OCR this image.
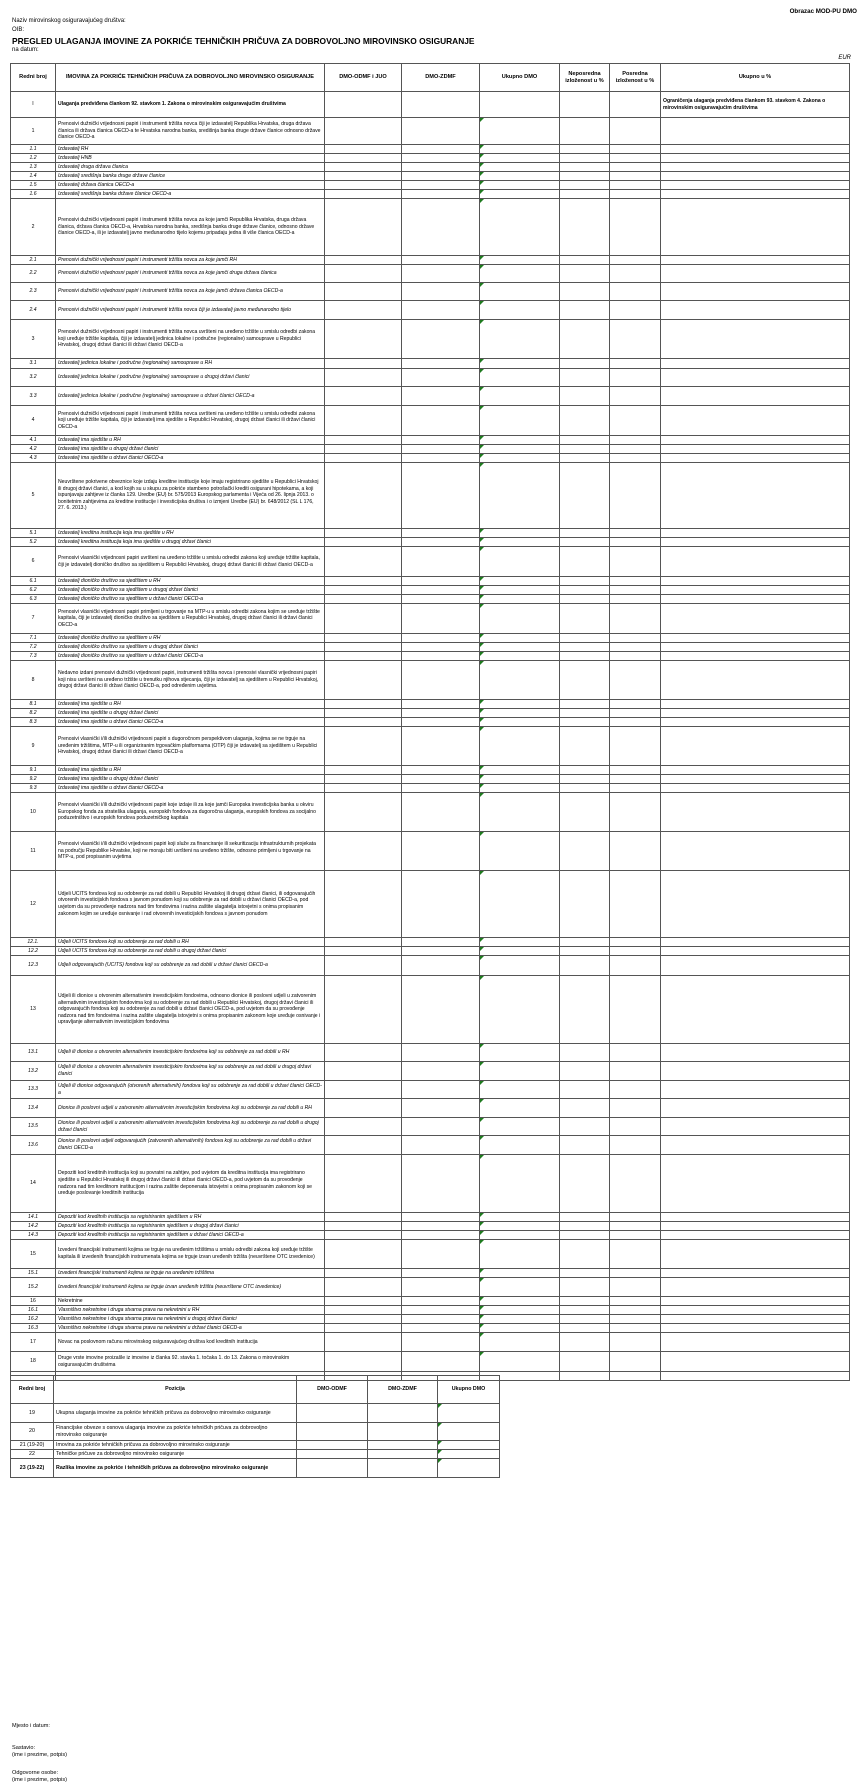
Obrazac MOD-PU DMO
Naziv mirovinskog osiguravajućeg društva:
OIB:
PREGLED ULAGANJA IMOVINE ZA POKRIĆE TEHNIČKIH PRIČUVA ZA DOBROVOLJNO MIROVINSKO OSIGURANJE
na datum:
EUR
Redni broj	IMOVINA ZA POKRIĆE TEHNIČKIH PRIČUVA ZA DOBROVOLJNO MIROVINSKO OSIGURANJE	DMO-ODMF i JUO	DMO-ZDMF	Ukupno DMO	Neposredna izloženost u %	Posredna izloženost u %	Ukupno u %
I	Ulaganja predviđena člankom 92. stavkom 1. Zakona o mirovinskim osiguravajućim društvima						Ograničenja ulaganja predviđena člankom 93. stavkom 4. Zakona o mirovinskim osiguravajućim društvima
1	Prenosivi dužnički vrijednosni papiri i instrumenti tržišta novca čiji je izdavatelj Republika Hrvatska, druga država članica ili država članica OECD-a te Hrvatska narodna banka, središnja banka druge države članice odnosno države članice OECD-a						
1.1	Izdavatelj RH						
1.2	Izdavatelj HNB						
1.3	Izdavatelj druga država članica						
1.4	Izdavatelj središnja banka druge države članice						
1.5	Izdavatelj država članica OECD-a						
1.6	Izdavatelj središnja banka države članice OECD-a						
2	Prenosivi dužnički vrijednosni papiri i instrumenti tržišta novca za koje jamči Republika Hrvatska, druga država članica, država članica OECD-a, Hrvatska narodna banka, središnja banka druge države članice, odnosno države članice OECD-a, ili je izdavatelj javno međunarodno tijelo kojemu pripadaju jedna ili više članica OECD-a						
2.1	Prenosivi dužnički vrijednosni papiri i instrumenti tržišta novca za koje jamči RH						
2.2	Prenosivi dužnički vrijednosni papiri i instrumenti tržišta novca za koje jamči druga država članica						
2.3	Prenosivi dužnički vrijednosni papiri i instrumenti tržišta novca za koje jamči država članica OECD-a						
2.4	Prenosivi dužnički vrijednosni papiri i instrumenti tržišta novca čiji je izdavatelj javno međunarodno tijelo						
3	Prenosivi dužnički vrijednosni papiri i instrumenti tržišta novca uvršteni na uređeno tržište u smislu odredbi zakona koji uređuje tržište kapitala, čiji je izdavatelj jedinica lokalne i područne (regionalne) samouprave u Republici Hrvatskoj, drugoj državi članici ili državi članici OECD-a						
3.1	Izdavatelj jedinica lokalne i područne (regionalne) samouprave u RH						
3.2	Izdavatelj jedinica lokalne i područne (regionalne) samouprave u drugoj državi članici						
3.3	Izdavatelj jedinica lokalne i područne (regionalne) samouprave u državi članici OECD-a						
4	Prenosivi dužnički vrijednosni papiri i instrumenti tržišta novca uvršteni na uređeno tržište u smislu odredbi zakona koji uređuje tržište kapitala, čiji je izdavatelj ima sjedište u Republici Hrvatskoj, drugoj državi članici ili državi članici OECD-a						
4.1	Izdavatelj ima sjedište u RH						
4.2	Izdavatelj ima sjedište u drugoj državi članici						
4.3	Izdavatelj ima sjedište u državi članici OECD-a						
5	Neuvrštene pokrivene obveznice koje izdaju kreditne institucije koje imaju registrirano sjedište u Republici Hrvatskoj ili drugoj državi članici, a kod kojih su u skupu za pokriće stambeno potrošački krediti osigurani hipotekama, a koji ispunjavaju zahtjeve iz članka 129. Uredbe (EU) br. 575/2013 Europskog parlamenta i Vijeća od 26. lipnja 2013. o bonitetnim zahtjevima za kreditne institucije i investicijska društva i o izmjeni Uredbe (EU) br. 648/2012 (SL L 176, 27. 6. 2013.)						
5.1	Izdavatelj kreditna institucija koja ima sjedište u RH						
5.2	Izdavatelj kreditna institucija koja ima sjedište u drugoj državi članici						
6	Prenosivi vlasnički vrijednosni papiri uvršteni na uređeno tržište u smislu odredbi zakona koji uređuje tržište kapitala, čiji je izdavatelj dioničko društvo sa sjedištem u Republici Hrvatskoj, drugoj državi članici ili državi članici OECD-a						
6.1	Izdavatelj dioničko društvo sa sjedištem u RH						
6.2	Izdavatelj dioničko društvo sa sjedištem u drugoj državi članici						
6.3	Izdavatelj dioničko društvo sa sjedištem u državi članici OECD-a						
7	Prenosivi vlasnički vrijednosni papiri primljeni u trgovanje na MTP-u u smislu odredbi zakona kojim se uređuje tržište kapitala, čiji je izdavatelj dioničko društvo sa sjedištem u Republici Hrvatskoj, drugoj državi članici ili državi članici OECD-a						
7.1	Izdavatelj dioničko društvo sa sjedištem u RH						
7.2	Izdavatelj dioničko društvo sa sjedištem u drugoj državi članici						
7.3	Izdavatelj dioničko društvo sa sjedištem u državi članici OECD-a						
8	Nedavno izdani prenosivi dužnički vrijednosni papiri, instrumenti tržišta novca i prenosivi vlasnički vrijednosni papiri koji nisu uvršteni na uređeno tržište u trenutku njihova stjecanja, čiji je izdavatelj sa sjedištem u Republici Hrvatskoj, drugoj državi članici ili državi članici OECD-a, pod određenim uvjetima.						
8.1	Izdavatelj ima sjedište u RH						
8.2	Izdavatelj ima sjedište u drugoj državi članici						
8.3	Izdavatelj ima sjedište u državi članici OECD-a						
9	Prenosivi vlasnički i/ili dužnički vrijednosni papiri s dugoročnom perspektivom ulaganja, kojima se ne trguje na uređenim tržištima, MTP-u ili organiziranim trgovačkim platformama (OTP) čiji je izdavatelj sa sjedištem u Republici Hrvatskoj, drugoj državi članici ili državi članici OECD-a						
9.1	Izdavatelj ima sjedište u RH						
9.2	Izdavatelj ima sjedište u drugoj državi članici						
9.3	Izdavatelj ima sjedište u državi članici OECD-a						
10	Prenosivi vlasnički i/ili dužnički vrijednosni papiri koje izdaje ili za koje jamči Europska investicijska banka u okviru Europskog fonda za strateška ulaganja, europskih fondova za dugoročna ulaganja, europskih fondova za socijalno poduzetništvo i europskih fondova poduzetničkog kapitala						
11	Prenosivi vlasnički i/ili dužnički vrijednosni papiri koji služe za financiranje ili sekuritizaciju infrastrukturnih projekata na području Republike Hrvatske, koji ne moraju biti uvršteni na uređeno tržište, odnosno primljeni u trgovanje na MTP-u, pod propisanim uvjetima						
12	Udjeli UCITS fondova koji su odobrenje za rad dobili u Republici Hrvatskoj ili drugoj državi članici, ili odgovarajućih otvorenih investicijskih fondova s javnom ponudom koji su odobrenje za rad dobili u državi članici OECD-a, pod uvjetom da su provođenje nadzora nad tim fondovima i razina zaštite ulagatelja istovjetni s onima propisanim zakonom kojim se uređuje osnivanje i rad otvorenih investicijskih fondova s javnom ponudom						
12.1.	Udjeli UCITS fondova koji su odobrenje za rad dobili u RH						
12.2	Udjeli UCITS fondova koji su odobrenje za rad dobili u drugoj državi članici						
12.3	Udjeli odgovarajućih (UCITS) fondova koji su odobrenje za rad dobili u državi članici OECD-a						
13	Udjeli ili dionice u otvorenim alternativnim investicijskim fondovima, odnosno dionice ili poslovni udjeli u zatvorenim alternativnim investicijskim fondovima koji su odobrenje za rad dobili u Republici Hrvatskoj, drugoj državi članici ili odgovarajućih fondova koji su odobrenje za rad dobili u državi članici OECD-a, pod uvjetom da su provođenje nadzora nad tim fondovima i razina zaštite ulagatelja istovjetni s onima propisanim zakonom koje uređuje osnivanje i upravljanje alternativnim investicijskim fondovima						
13.1	Udjeli ili dionice u otvorenim alternativnim investicijskim fondovima koji su odobrenje za rad dobili u RH						
13.2	Udjeli ili dionice u otvorenim alternativnim investicijskim fondovima koji su odobrenje za rad dobili u drugoj državi članici						
13.3	Udjeli ili dionice odgovarajućih (otvorenih alternativnih) fondova koji su odobrenje za rad dobili u državi članici OECD-a						
13.4	Dionice ili poslovni udjeli u zatvorenim alternativnim investicijskim fondovima koji su odobrenje za rad dobili u RH						
13.5	Dionice ili poslovni udjeli u zatvorenim alternativnim investicijskim fondovima koji su odobrenje za rad dobili u drugoj državi članici						
13.6	Dionice ili poslovni udjeli odgovarajućih (zatvorenih alternativnih) fondova koji su odobrenje za rad dobili u državi članici OECD-a						
14	Depoziti kod kreditnih institucija koji su povratni na zahtjev, pod uvjetom da kreditna institucija ima registrirano sjedište u Republici Hrvatskoj ili drugoj državi članici ili državi članici OECD-a, pod uvjetom da su provođenje nadzora nad tim kreditnom institucijom i razina zaštite deponenata istovjetni s onima propisanim zakonom koji se uređuje poslovanje kreditnih institucija						
14.1	Depoziti kod kreditnih institucija sa registriranim sjedištem u RH						
14.2	Depoziti kod kreditnih institucija sa registriranim sjedištem u drugoj državi članici						
14.3	Depoziti kod kreditnih institucija sa registriranim sjedištem u državi članici OECD-a						
15	Izvedeni financijski instrumenti kojima se trguje na uređenim tržištima u smislu odredbi zakona koji uređuje tržište kapitala ili izvedenih financijskih instrumenata kojima se trguje izvan uređenih tržišta (neuvrštene OTC izvedenice)						
15.1	Izvedeni financijski instrumenti kojima se trguje na uređenim tržištima						
15.2	Izvedeni financijski instrumenti kojima se trguje izvan uređenih tržišta (neuvrštene OTC izvedenice)						
16	Nekretnine						
16.1	Vlasništvo nekretnine i druga stvarna prava na nekretnini u RH						
16.2	Vlasništvo nekretnine i druga stvarna prava na nekretnini u drugoj državi članici						
16.3	Vlasništvo nekretnine i druga stvarna prava na nekretnini u državi članici OECD-a						
17	Novac na poslovnom računu mirovinskog osiguravajućeg društva kod kreditnih institucija						
18	Druge vrste imovine proizašle iz imovine iz članka 92. stavka 1. točaka 1. do 13. Zakona o mirovinskim osiguravajućim društvima						

Redni broj	Pozicija	DMO-ODMF	DMO-ZDMF	Ukupno DMO
19	Ukupna ulaganja imovine za pokriće tehničkih pričuva za dobrovoljno mirovinsko osiguranje			
20	Financijske obveze s osnova ulaganja imovine za pokriće tehničkih pričuva za dobrovoljno mirovinsko osiguranje			
21 (19-20)	Imovina za pokriće tehničkih pričuva za dobrovoljno mirovinsko osiguranje			
22	Tehničke pričuve za dobrovoljno mirovinsko osiguranje			
23 (19-22)	Razlika imovine za pokriće i tehničkih pričuva za dobrovoljno mirovinsko osiguranje			
Mjesto i datum:
Sastavio:
(ime i prezime, potpis)
Odgovorne osobe:
(ime i prezime, potpis)
